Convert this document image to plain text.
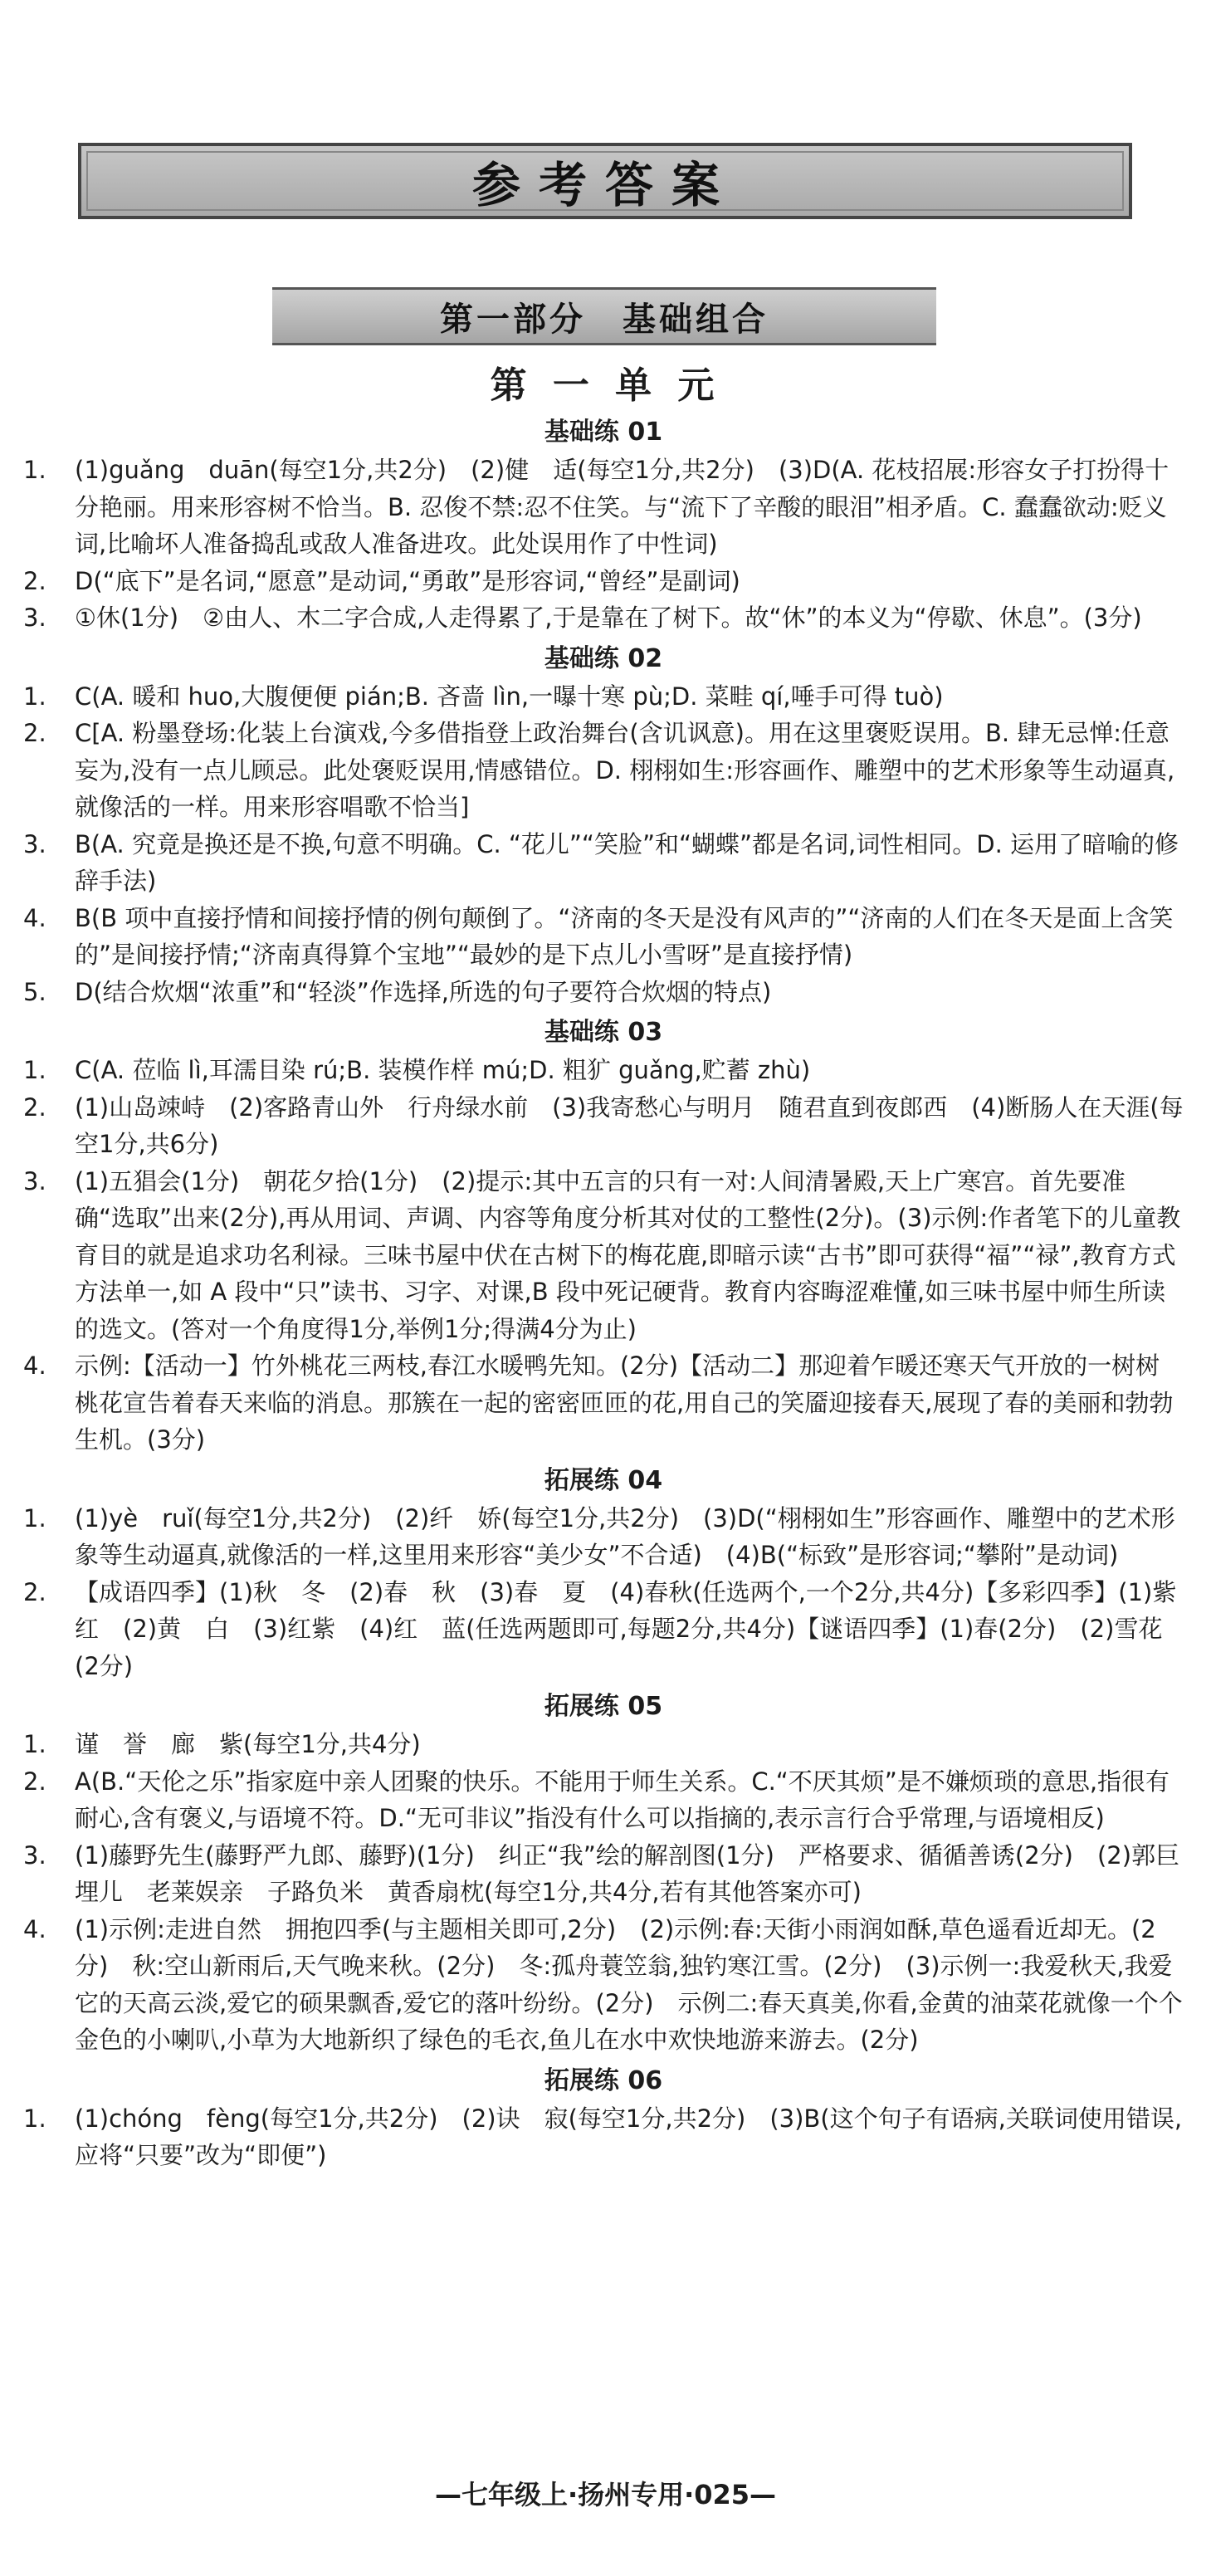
参考答案
第一部分　基础组合
第 一 单 元
基础练 01
1.	(1)guǎng　duān(每空1分,共2分)　(2)健　适(每空1分,共2分)　(3)D(A. 花枝招展:形容女子打扮得十分艳丽。用来形容树不恰当。B. 忍俊不禁:忍不住笑。与“流下了辛酸的眼泪”相矛盾。C. 蠢蠢欲动:贬义词,比喻坏人准备捣乱或敌人准备进攻。此处误用作了中性词)
2.	D(“底下”是名词,“愿意”是动词,“勇敢”是形容词,“曾经”是副词)
3.	①休(1分)　②由人、木二字合成,人走得累了,于是靠在了树下。故“休”的本义为“停歇、休息”。(3分)
基础练 02
1.	C(A. 暖和 huo,大腹便便 pián;B. 吝啬 lìn,一曝十寒 pù;D. 菜畦 qí,唾手可得 tuò)
2.	C[A. 粉墨登场:化装上台演戏,今多借指登上政治舞台(含讥讽意)。用在这里褒贬误用。B. 肆无忌惮:任意妄为,没有一点儿顾忌。此处褒贬误用,情感错位。D. 栩栩如生:形容画作、雕塑中的艺术形象等生动逼真,就像活的一样。用来形容唱歌不恰当]
3.	B(A. 究竟是换还是不换,句意不明确。C. “花儿”“笑脸”和“蝴蝶”都是名词,词性相同。D. 运用了暗喻的修辞手法)
4.	B(B 项中直接抒情和间接抒情的例句颠倒了。“济南的冬天是没有风声的”“济南的人们在冬天是面上含笑的”是间接抒情;“济南真得算个宝地”“最妙的是下点儿小雪呀”是直接抒情)
5.	D(结合炊烟“浓重”和“轻淡”作选择,所选的句子要符合炊烟的特点)
基础练 03
1.	C(A. 莅临 lì,耳濡目染 rú;B. 装模作样 mú;D. 粗犷 guǎng,贮蓄 zhù)
2.	(1)山岛竦峙　(2)客路青山外　行舟绿水前　(3)我寄愁心与明月　随君直到夜郎西　(4)断肠人在天涯(每空1分,共6分)
3.	(1)五猖会(1分)　朝花夕拾(1分)　(2)提示:其中五言的只有一对:人间清暑殿,天上广寒宫。首先要准确“选取”出来(2分),再从用词、声调、内容等角度分析其对仗的工整性(2分)。(3)示例:作者笔下的儿童教育目的就是追求功名利禄。三味书屋中伏在古树下的梅花鹿,即暗示读“古书”即可获得“福”“禄”,教育方式方法单一,如 A 段中“只”读书、习字、对课,B 段中死记硬背。教育内容晦涩难懂,如三味书屋中师生所读的选文。(答对一个角度得1分,举例1分;得满4分为止)
4.	示例:【活动一】竹外桃花三两枝,春江水暖鸭先知。(2分)【活动二】那迎着乍暖还寒天气开放的一树树桃花宣告着春天来临的消息。那簇在一起的密密匝匝的花,用自己的笑靥迎接春天,展现了春的美丽和勃勃生机。(3分)
拓展练 04
1.	(1)yè　ruǐ(每空1分,共2分)　(2)纤　娇(每空1分,共2分)　(3)D(“栩栩如生”形容画作、雕塑中的艺术形象等生动逼真,就像活的一样,这里用来形容“美少女”不合适)　(4)B(“标致”是形容词;“攀附”是动词)
2.	【成语四季】(1)秋　冬　(2)春　秋　(3)春　夏　(4)春秋(任选两个,一个2分,共4分)【多彩四季】(1)紫　红　(2)黄　白　(3)红紫　(4)红　蓝(任选两题即可,每题2分,共4分)【谜语四季】(1)春(2分)　(2)雪花(2分)
拓展练 05
1.	谨　誉　廊　紫(每空1分,共4分)
2.	A(B.“天伦之乐”指家庭中亲人团聚的快乐。不能用于师生关系。C.“不厌其烦”是不嫌烦琐的意思,指很有耐心,含有褒义,与语境不符。D.“无可非议”指没有什么可以指摘的,表示言行合乎常理,与语境相反)
3.	(1)藤野先生(藤野严九郎、藤野)(1分)　纠正“我”绘的解剖图(1分)　严格要求、循循善诱(2分)　(2)郭巨埋儿　老莱娱亲　子路负米　黄香扇枕(每空1分,共4分,若有其他答案亦可)
4.	(1)示例:走进自然　拥抱四季(与主题相关即可,2分)　(2)示例:春:天街小雨润如酥,草色遥看近却无。(2分)　秋:空山新雨后,天气晚来秋。(2分)　冬:孤舟蓑笠翁,独钓寒江雪。(2分)　(3)示例一:我爱秋天,我爱它的天高云淡,爱它的硕果飘香,爱它的落叶纷纷。(2分)　示例二:春天真美,你看,金黄的油菜花就像一个个金色的小喇叭,小草为大地新织了绿色的毛衣,鱼儿在水中欢快地游来游去。(2分)
拓展练 06
1.	(1)chóng　fèng(每空1分,共2分)　(2)诀　寂(每空1分,共2分)　(3)B(这个句子有语病,关联词使用错误,应将“只要”改为“即便”)
—七年级上·扬州专用·025—
